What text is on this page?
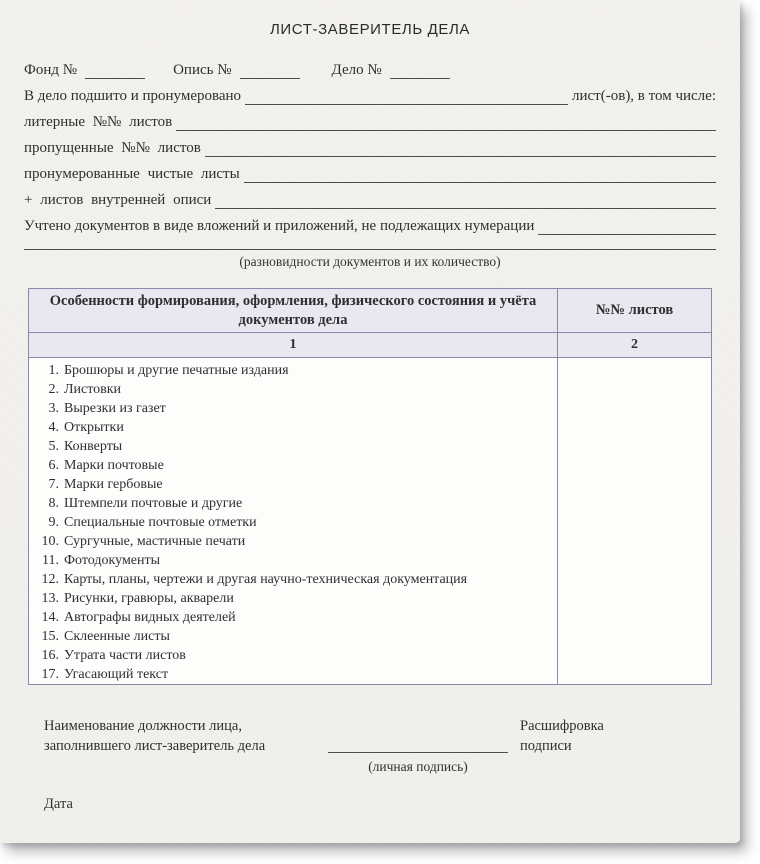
ЛИСТ-ЗАВЕРИТЕЛЬ ДЕЛА
Фонд №	Опись №	Дело №
В дело подшито и пронумеровано	лист(-ов), в том числе:
литерные №№ листов
пропущенные №№ листов
пронумерованные чистые листы
+ листов внутренней описи
Учтено документов в виде вложений и приложений, не подлежащих нумерации
(разновидности документов и их количество)
Особенности формирования, оформления, физического состояния и учёта документов дела	№№ листов
1	2

1. Брошюры и другие печатные издания
2. Листовки
3. Вырезки из газет
4. Открытки
5. Конверты
6. Марки почтовые
7. Марки гербовые
8. Штемпели почтовые и другие
9. Специальные почтовые отметки
10. Сургучные, мастичные печати
11. Фотодокументы
12. Карты, планы, чертежи и другая научно-техническая документация
13. Рисунки, гравюры, акварели
14. Автографы видных деятелей
15. Склеенные листы
16. Утрата части листов
17. Угасающий текст

Наименование должности лица,	Расшифровка
заполнившего лист-заверитель дела	подписи
(личная подпись)
Дата
